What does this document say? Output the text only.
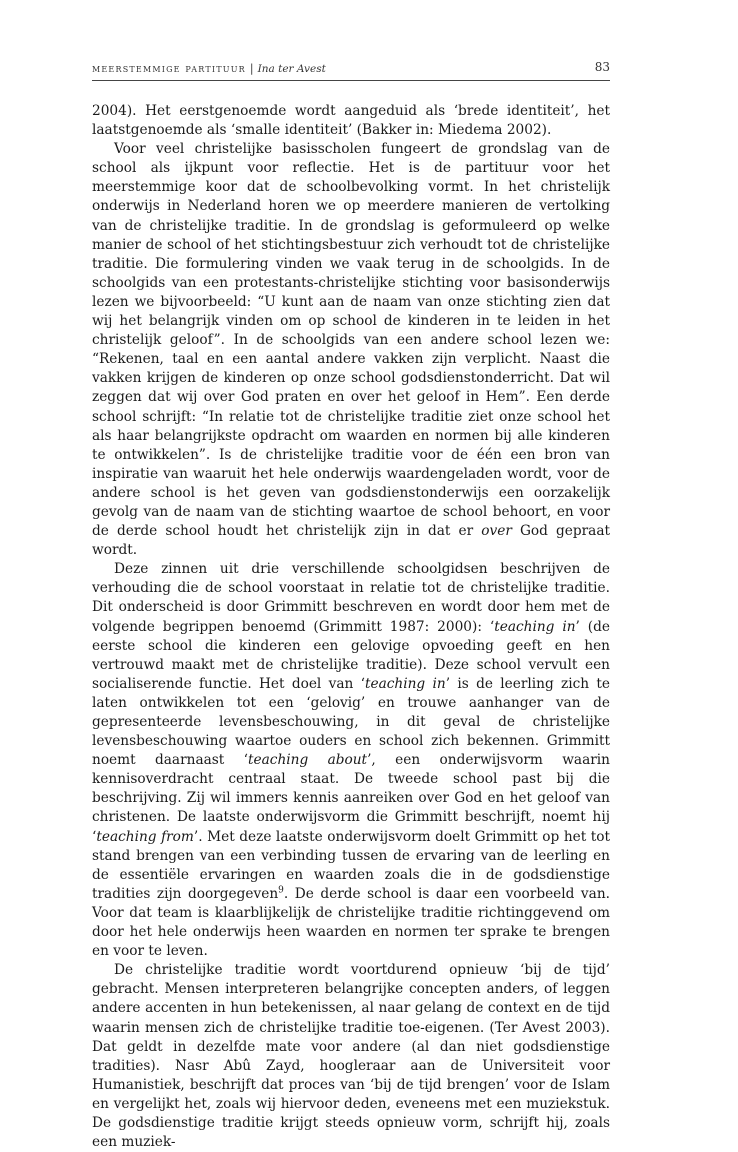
meerstemmige partituur | Ina ter Avest	83

2004). Het eerstgenoemde wordt aangeduid als ‘brede identiteit’, het laatstgenoemde als ‘smalle identiteit’ (Bakker in: Miedema 2002).

Voor veel christelijke basisscholen fungeert de grondslag van de school als ijkpunt voor reflectie. Het is de partituur voor het meerstemmige koor dat de schoolbevolking vormt. In het christelijk onderwijs in Nederland horen we op meerdere manieren de vertolking van de christelijke traditie. In de grondslag is geformuleerd op welke manier de school of het stichtingsbestuur zich verhoudt tot de christelijke traditie. Die formulering vinden we vaak terug in de schoolgids. In de schoolgids van een protestants-christelijke stichting voor basisonderwijs lezen we bijvoorbeeld: “U kunt aan de naam van onze stichting zien dat wij het belangrijk vinden om op school de kinderen in te leiden in het christelijk geloof”. In de schoolgids van een andere school lezen we: “Rekenen, taal en een aantal andere vakken zijn verplicht. Naast die vakken krijgen de kinderen op onze school godsdienstonderricht. Dat wil zeggen dat wij over God praten en over het geloof in Hem”. Een derde school schrijft: “In relatie tot de christelijke traditie ziet onze school het als haar belangrijkste opdracht om waarden en normen bij alle kinderen te ontwikkelen”. Is de christelijke traditie voor de één een bron van inspiratie van waaruit het hele onderwijs waardengeladen wordt, voor de andere school is het geven van godsdienstonderwijs een oorzakelijk gevolg van de naam van de stichting waartoe de school behoort, en voor de derde school houdt het christelijk zijn in dat er over God gepraat wordt.

Deze zinnen uit drie verschillende schoolgidsen beschrijven de verhouding die de school voorstaat in relatie tot de christelijke traditie. Dit onderscheid is door Grimmitt beschreven en wordt door hem met de volgende begrippen benoemd (Grimmitt 1987: 2000): ‘teaching in’ (de eerste school die kinderen een gelovige opvoeding geeft en hen vertrouwd maakt met de christelijke traditie). Deze school vervult een socialiserende functie. Het doel van ‘teaching in’ is de leerling zich te laten ontwikkelen tot een ‘gelovig’ en trouwe aanhanger van de gepresenteerde levensbeschouwing, in dit geval de christelijke levensbeschouwing waartoe ouders en school zich bekennen. Grimmitt noemt daarnaast ‘teaching about’, een onderwijsvorm waarin kennisoverdracht centraal staat. De tweede school past bij die beschrijving. Zij wil immers kennis aanreiken over God en het geloof van christenen. De laatste onderwijsvorm die Grimmitt beschrijft, noemt hij ‘teaching from’. Met deze laatste onderwijsvorm doelt Grimmitt op het tot stand brengen van een verbinding tussen de ervaring van de leerling en de essentiële ervaringen en waarden zoals die in de godsdienstige tradities zijn doorgegeven$^9$. De derde school is daar een voorbeeld van. Voor dat team is klaarblijkelijk de christelijke traditie richtinggevend om door het hele onderwijs heen waarden en normen ter sprake te brengen en voor te leven.

De christelijke traditie wordt voortdurend opnieuw ‘bij de tijd’ gebracht. Mensen interpreteren belangrijke concepten anders, of leggen andere accenten in hun betekenissen, al naar gelang de context en de tijd waarin mensen zich de christelijke traditie toe-eigenen. (Ter Avest 2003). Dat geldt in dezelfde mate voor andere (al dan niet godsdienstige tradities). Nasr Abû Zayd, hoogleraar aan de Universiteit voor Humanistiek, beschrijft dat proces van ‘bij de tijd brengen’ voor de Islam en vergelijkt het, zoals wij hiervoor deden, eveneens met een muziekstuk. De godsdienstige traditie krijgt steeds opnieuw vorm, schrijft hij, zoals een muziek-
